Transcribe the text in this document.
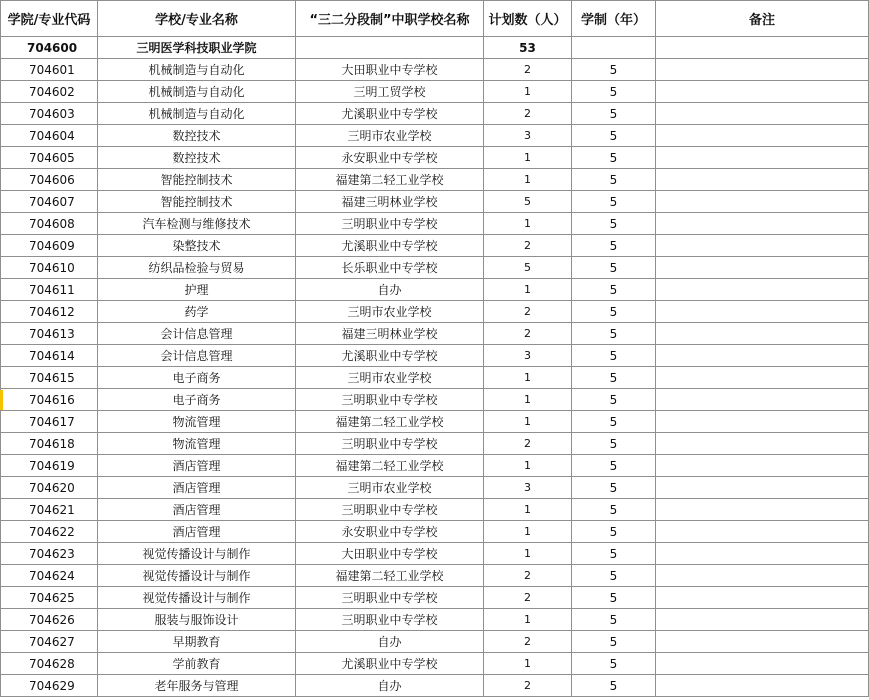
学院/专业代码	学校/专业名称	“三二分段制”中职学校名称	计划数（人）	学制（年）	备注
704600	三明医学科技职业学院		53		
704601	机械制造与自动化	大田职业中专学校	2	5	
704602	机械制造与自动化	三明工贸学校	1	5	
704603	机械制造与自动化	尤溪职业中专学校	2	5	
704604	数控技术	三明市农业学校	3	5	
704605	数控技术	永安职业中专学校	1	5	
704606	智能控制技术	福建第二轻工业学校	1	5	
704607	智能控制技术	福建三明林业学校	5	5	
704608	汽车检测与维修技术	三明职业中专学校	1	5	
704609	染整技术	尤溪职业中专学校	2	5	
704610	纺织品检验与贸易	长乐职业中专学校	5	5	
704611	护理	自办	1	5	
704612	药学	三明市农业学校	2	5	
704613	会计信息管理	福建三明林业学校	2	5	
704614	会计信息管理	尤溪职业中专学校	3	5	
704615	电子商务	三明市农业学校	1	5	
704616	电子商务	三明职业中专学校	1	5	
704617	物流管理	福建第二轻工业学校	1	5	
704618	物流管理	三明职业中专学校	2	5	
704619	酒店管理	福建第二轻工业学校	1	5	
704620	酒店管理	三明市农业学校	3	5	
704621	酒店管理	三明职业中专学校	1	5	
704622	酒店管理	永安职业中专学校	1	5	
704623	视觉传播设计与制作	大田职业中专学校	1	5	
704624	视觉传播设计与制作	福建第二轻工业学校	2	5	
704625	视觉传播设计与制作	三明职业中专学校	2	5	
704626	服装与服饰设计	三明职业中专学校	1	5	
704627	早期教育	自办	2	5	
704628	学前教育	尤溪职业中专学校	1	5	
704629	老年服务与管理	自办	2	5	
